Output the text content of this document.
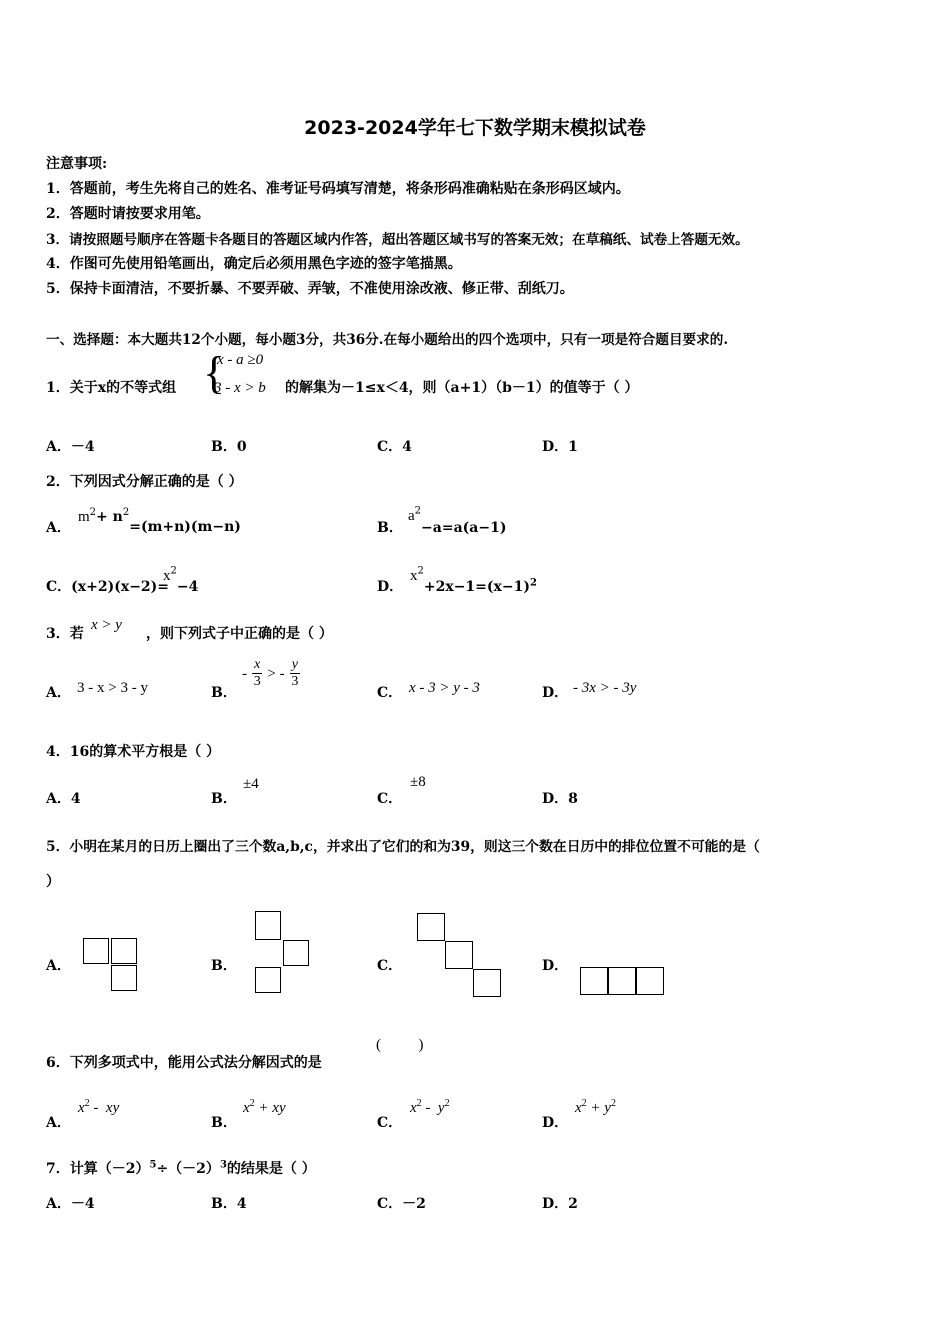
2023-2024学年七下数学期末模拟试卷
注意事项:
1．答题前，考生先将自己的姓名、准考证号码填写清楚，将条形码准确粘贴在条形码区域内。
2．答题时请按要求用笔。
3．请按照题号顺序在答题卡各题目的答题区域内作答，超出答题区域书写的答案无效；在草稿纸、试卷上答题无效。
4．作图可先使用铅笔画出，确定后必须用黑色字迹的签字笔描黑。
5．保持卡面清洁，不要折暴、不要弄破、弄皱，不准使用涂改液、修正带、刮纸刀。
一、选择题：本大题共12个小题，每小题3分，共36分.在每小题给出的四个选项中，只有一项是符合题目要求的.
1．关于x的不等式组 {
x - a ≥0
3 - x > b 的解集为－1≤x＜4，则（a+1）（b－1）的值等于（ ）
A．－4	B．0	C．4	D．1
2．下列因式分解正确的是（ ）
A．
$m^2+ n^2=(m+n)(m-n)$	B．
$a^2-a=a(a-1)$
C．(x+2)(x−2)=
$x^2-4$	D．
$x^2+2x-1=(x-1)^2$
3．若
x > y
，则下列式子中正确的是（ ）
A． 3 - x > 3 - y	B．
- $\frac{x}{3}$ > - $\frac{y}{3}$
C． x - 3 > y - 3	D． - 3x > - 3y
4．16的算术平方根是（ ）
A．4	B．
±4
C．
±8
D．8
5．小明在某月的日历上圈出了三个数a,b,c，并求出了它们的和为39，则这三个数在日历中的排位位置不可能的是（
）
A．	B．	C．	D．
6．下列多项式中，能用公式法分解因式的是
(          )
A．
$x^2$ -  xy
B．
$x^2$ + xy
C．
$x^2 - y^2$
D．
$x^2 + y^2$
7．计算$(-2)^5\div(-2)^3$的结果是（ ）
A．－4	B．4	C．－2	D．2
